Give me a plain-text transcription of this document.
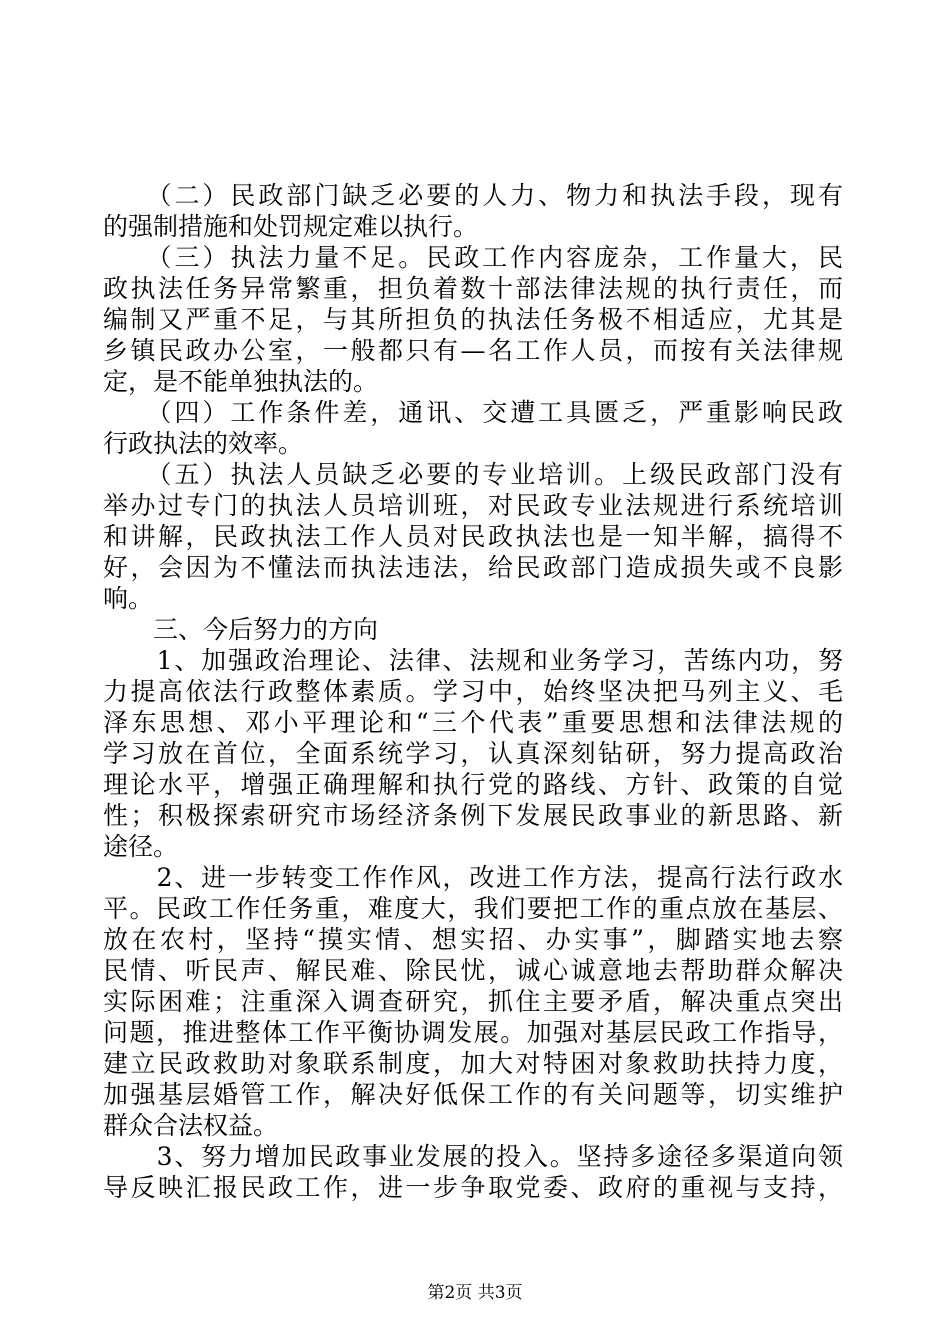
　　（二）民政部门缺乏必要的人力、物力和执法手段，现有
的强制措施和处罚规定难以执行。
　　（三）执法力量不足。民政工作内容庞杂，工作量大，民
政执法任务异常繁重，担负着数十部法律法规的执行责任，而
编制又严重不足，与其所担负的执法任务极不相适应，尤其是
乡镇民政办公室，一般都只有—名工作人员，而按有关法律规
定，是不能单独执法的。
　　（四）工作条件差，通讯、交遭工具匮乏，严重影响民政
行政执法的效率。
　　（五）执法人员缺乏必要的专业培训。上级民政部门没有
举办过专门的执法人员培训班，对民政专业法规进行系统培训
和讲解，民政执法工作人员对民政执法也是一知半解，搞得不
好，会因为不懂法而执法违法，给民政部门造成损失或不良影
响。
　　三、今后努力的方向
　　1、加强政治理论、法律、法规和业务学习，苦练内功，努
力提高依法行政整体素质。学习中，始终坚决把马列主义、毛
泽东思想、邓小平理论和“三个代表”重要思想和法律法规的
学习放在首位，全面系统学习，认真深刻钻研，努力提高政治
理论水平，增强正确理解和执行党的路线、方针、政策的自觉
性；积极探索研究市场经济条例下发展民政事业的新思路、新
途径。
　　2、进一步转变工作作风，改进工作方法，提高行法行政水
平。民政工作任务重，难度大，我们要把工作的重点放在基层、
放在农村，坚持“摸实情、想实招、办实事”，脚踏实地去察
民情、听民声、解民难、除民忧，诚心诚意地去帮助群众解决
实际困难；注重深入调查研究，抓住主要矛盾，解决重点突出
问题，推进整体工作平衡协调发展。加强对基层民政工作指导，
建立民政救助对象联系制度，加大对特困对象救助扶持力度，
加强基层婚管工作，解决好低保工作的有关问题等，切实维护
群众合法权益。
　　3、努力增加民政事业发展的投入。坚持多途径多渠道向领
导反映汇报民政工作，进一步争取党委、政府的重视与支持，
第2页 共3页
